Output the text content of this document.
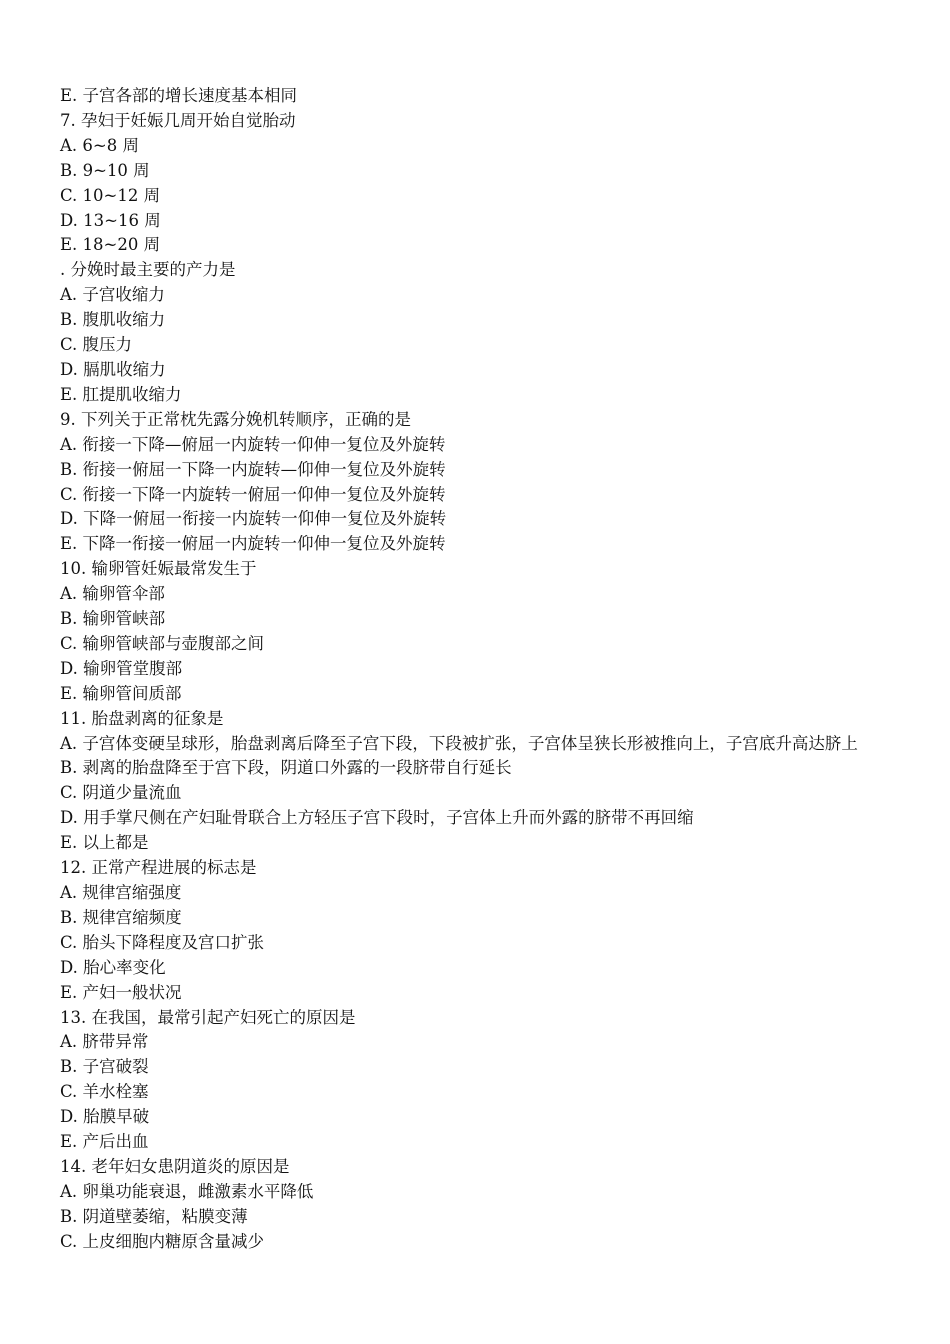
E. 子宫各部的增长速度基本相同

7. 孕妇于妊娠几周开始自觉胎动

A. 6~8 周

B. 9~10 周

C. 10~12 周

D. 13~16 周

E. 18~20 周

. 分娩时最主要的产力是

A. 子宫收缩力

B. 腹肌收缩力

C. 腹压力

D. 膈肌收缩力

E. 肛提肌收缩力

9. 下列关于正常枕先露分娩机转顺序，正确的是

A. 衔接一下降—俯屈一内旋转一仰伸一复位及外旋转

B. 衔接一俯屈一下降一内旋转—仰伸一复位及外旋转

C. 衔接一下降一内旋转一俯屈一仰伸一复位及外旋转

D. 下降一俯屈一衔接一内旋转一仰伸一复位及外旋转

E. 下降一衔接一俯屈一内旋转一仰伸一复位及外旋转

10. 输卵管妊娠最常发生于

A. 输卵管伞部

B. 输卵管峡部

C. 输卵管峡部与壶腹部之间

D. 输卵管堂腹部

E. 输卵管间质部

11. 胎盘剥离的征象是

A. 子宫体变硬呈球形，胎盘剥离后降至子宫下段，下段被扩张，子宫体呈狭长形被推向上，子宫底升高达脐上

B. 剥离的胎盘降至于宫下段，阴道口外露的一段脐带自行延长

C. 阴道少量流血

D. 用手掌尺侧在产妇耻骨联合上方轻压子宫下段时，子宫体上升而外露的脐带不再回缩

E. 以上都是

12. 正常产程进展的标志是

A. 规律宫缩强度

B. 规律宫缩频度

C. 胎头下降程度及宫口扩张

D. 胎心率变化

E. 产妇一般状况

13. 在我国，最常引起产妇死亡的原因是

A. 脐带异常

B. 子宫破裂

C. 羊水栓塞

D. 胎膜早破

E. 产后出血

14. 老年妇女患阴道炎的原因是

A. 卵巢功能衰退，雌激素水平降低

B. 阴道壁萎缩，粘膜变薄

C. 上皮细胞内糖原含量减少
